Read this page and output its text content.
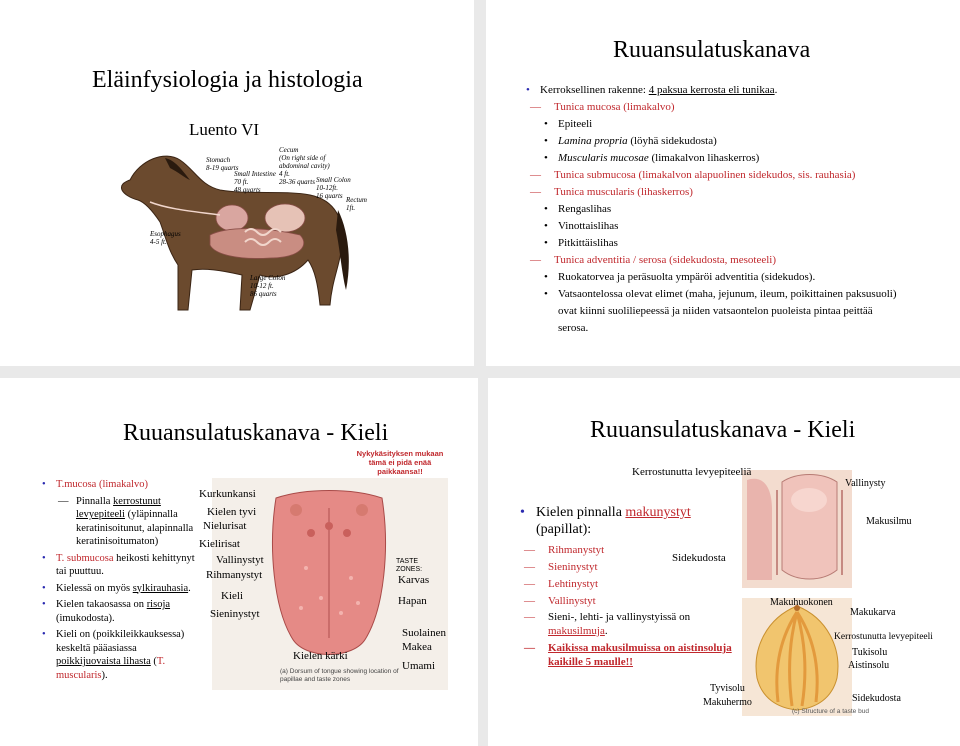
Eläinfysiologia ja histologia
Luento VI
Stomach
8-19 quarts
Small Intestine
70 ft.
48 quarts
Cecum
(On right side of
abdominal cavity)
4 ft.
28-36 quarts Small Colon
10-12ft.
16 quarts Rectum
1ft.
Esophagus
4-5 ft.
Large Colon
10-12 ft.
86 quarts
Ruuansulatuskanava
• Kerroksellinen rakenne: 4 paksua kerrosta eli tunikaa.
— Tunica mucosa (limakalvo)
• Epiteeli
• Lamina propria (löyhä sidekudosta)
• Muscularis mucosae (limakalvon lihaskerros)
— Tunica submucosa (limakalvon alapuolinen sidekudos, sis. rauhasia)
— Tunica muscularis (lihaskerros)
• Rengaslihas
• Vinottaislihas
• Pitkittäislihas
— Tunica adventitia / serosa (sidekudosta, mesoteeli)
• Ruokatorvea ja peräsuolta ympäröi adventitia (sidekudos).
• Vatsaontelossa olevat elimet (maha, jejunum, ileum, poikittainen paksusuoli) ovat kiinni suoliliepeessä ja niiden vatsaontelon puoleista pintaa peittää serosa.
Ruuansulatuskanava - Kieli
Nykykäsityksen mukaan tämä ei pidä enää paikkaansa!!
• T.mucosa (limakalvo)
— Pinnalla kerrostunut levyepiteeli (yläpinnalla keratinisoitunut, alapinnalla keratinisoitumaton)
• T. submucosa heikosti kehittynyt tai puuttuu.
• Kielessä on myös sylkirauhasia.
• Kielen takaosassa on risoja (imukodosta).
• Kieli on (poikkileikkauksessa) keskeltä pääasiassa poikkijuovaista lihasta (T. muscularis).
Kurkunkansi
Kielen tyvi
Nielurisat
Kielirisat
Vallinystyt
Rihmanystyt
Kieli
Sieninystyt
Kielen kärki
TASTE ZONES:
Karvas
Hapan
Suolainen
Makea
Umami
(a) Dorsum of tongue showing location of papillae and taste zones
Ruuansulatuskanava - Kieli
• Kielen pinnalla makunystyt (papillat):
— Rihmanystyt
— Sieninystyt
— Lehtinystyt
— Vallinystyt
— Sieni-, lehti- ja vallinystyissä on makusilmuja.
— Kaikissa makusilmuissa on aistinsoluja kaikille 5 maulle!!
Kerrostunutta levyepiteeliä
Vallinysty
Makusilmu
Sidekudosta
Makuhuokonen
Makukarva
Kerrostunutta levyepiteeli
Tukisolu
Aistinsolu
Tyvisolu
Makuhermo	Sidekudosta
(c) Structure of a taste bud
